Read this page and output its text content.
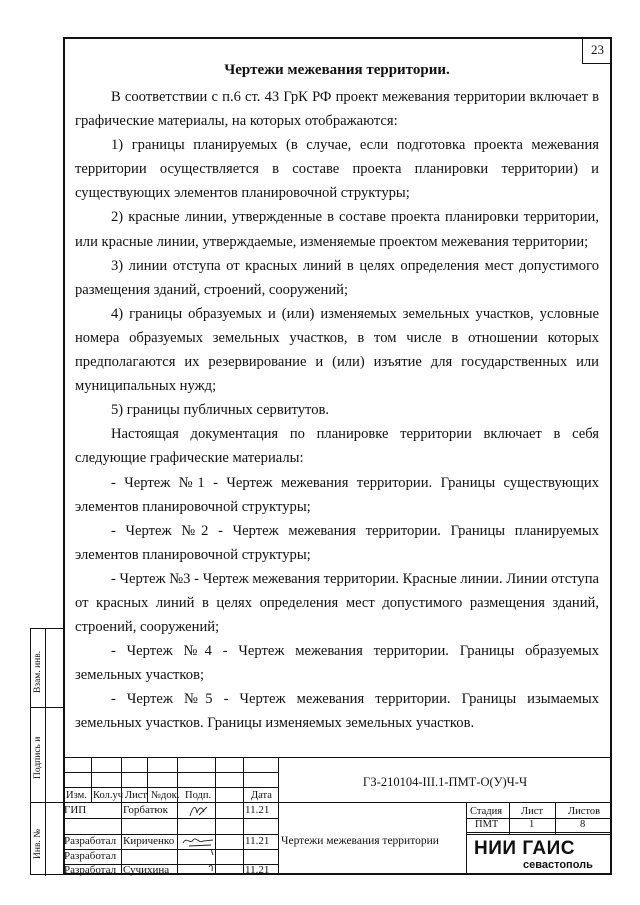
23
Чертежи межевания территории.

В соответствии с п.6 ст. 43 ГрК РФ проект межевания территории включает в графические материалы, на которых отображаются:

1) границы планируемых (в случае, если подготовка проекта межевания территории осуществляется в составе проекта планировки территории) и существующих элементов планировочной структуры;

2) красные линии, утвержденные в составе проекта планировки территории, или красные линии, утверждаемые, изменяемые проектом межевания территории;

3) линии отступа от красных линий в целях определения мест допустимого размещения зданий, строений, сооружений;

4) границы образуемых и (или) изменяемых земельных участков, условные номера образуемых земельных участков, в том числе в отношении которых предполагаются их резервирование и (или) изъятие для государственных или муниципальных нужд;

5) границы публичных сервитутов.

Настоящая документация по планировке территории включает в себя следующие графические материалы:

- Чертеж №1 - Чертеж межевания территории. Границы существующих элементов планировочной структуры;

- Чертеж №2 - Чертеж межевания территории. Границы планируемых элементов планировочной структуры;

- Чертеж №3 - Чертеж межевания территории. Красные линии. Линии отступа от красных линий в целях определения мест допустимого размещения зданий, строений, сооружений;

- Чертеж №4 - Чертеж межевания территории. Границы образуемых земельных участков;

- Чертеж №5 - Чертеж межевания территории. Границы изымаемых земельных участков. Границы изменяемых земельных участков.

Взам. инв.
Подпись и
Инв. №
Изм. Кол.уч Лист №док. Подп.	Дата
ГИП	Горбатюк	11.21
Разработал Кириченко	11.21
Разработал
Разработал Сучихина	11.21
ГЗ-210104-III.1-ПМТ-О(У)Ч-Ч
Чертежи межевания территории
Стадия Лист Листов
ПМТ	1	8
НИИ ГАИС
севастополь
